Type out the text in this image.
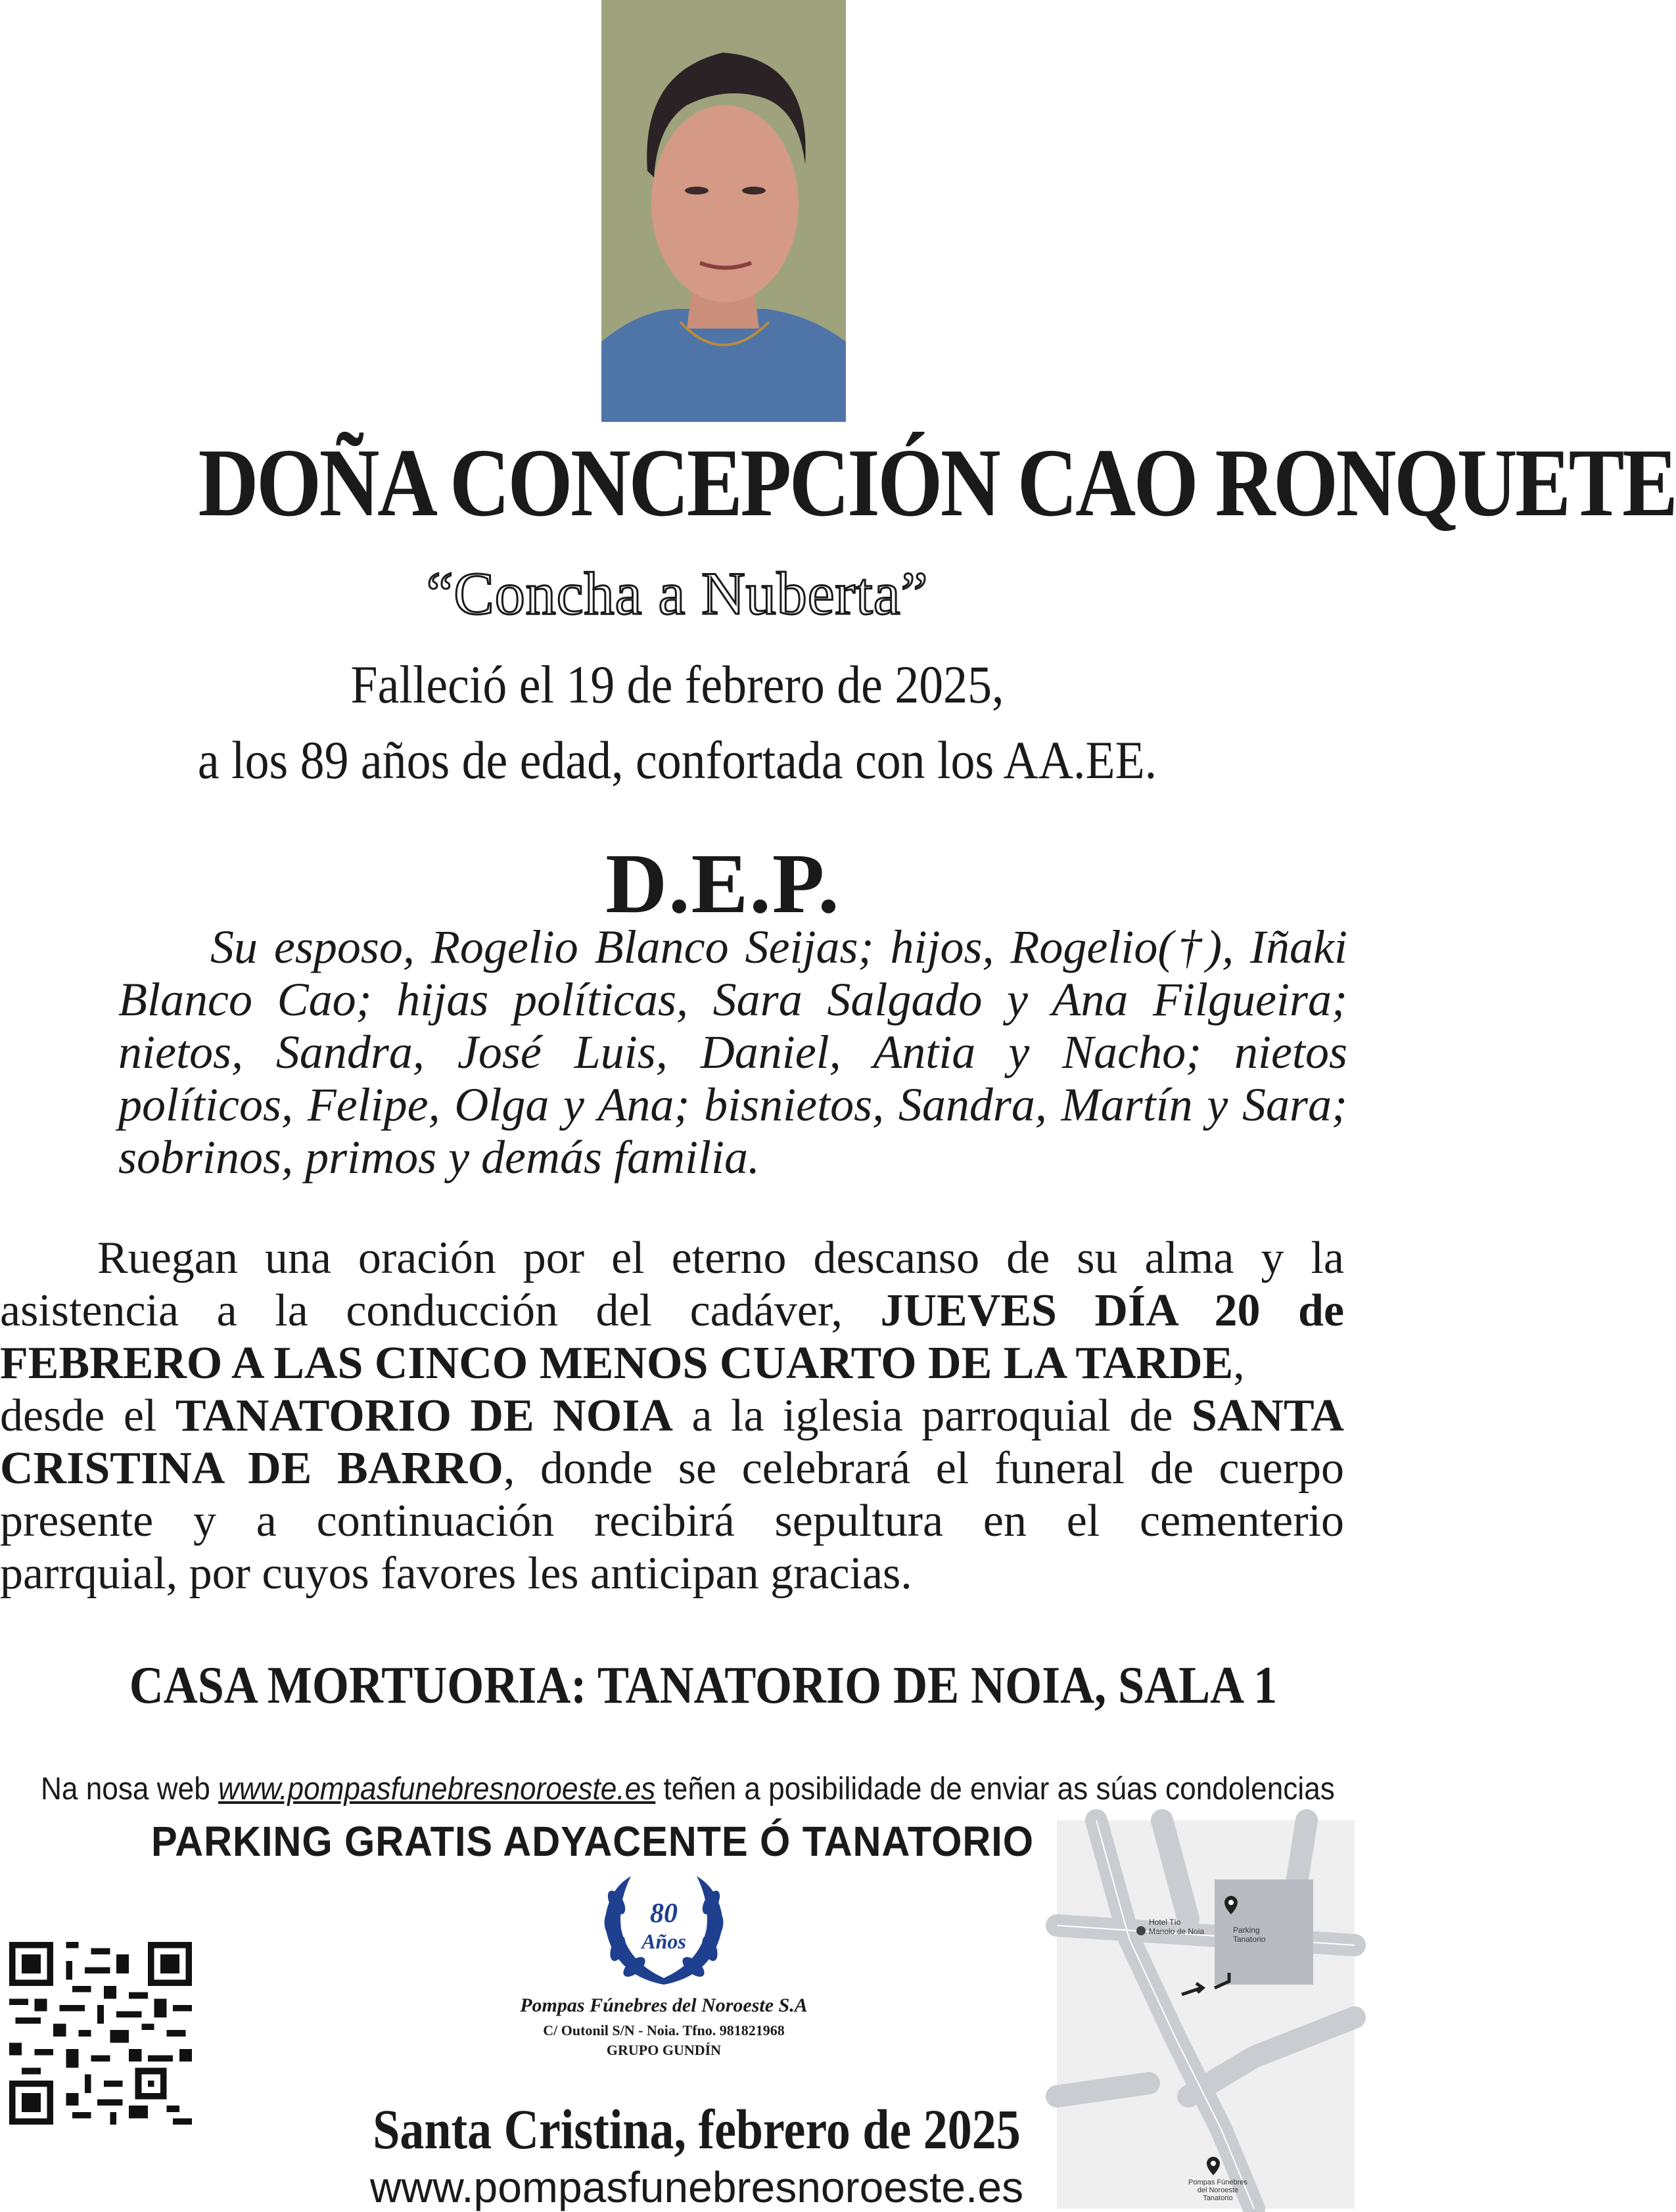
DOÑA CONCEPCIÓN CAO RONQUETE
“Concha a Nuberta”
Falleció el 19 de febrero de 2025,
a los 89 años de edad, confortada con los AA.EE.
D.E.P.
Su esposo, Rogelio Blanco Seijas; hijos, Rogelio(†), Iñaki
Blanco Cao; hijas políticas, Sara Salgado y Ana Filgueira;
nietos, Sandra, José Luis, Daniel, Antia y Nacho; nietos
políticos, Felipe, Olga y Ana; bisnietos, Sandra, Martín y Sara;
sobrinos, primos y demás familia.
Ruegan una oración por el eterno descanso de su alma y la
asistencia a la conducción del cadáver, JUEVES DÍA 20 de
FEBRERO A LAS CINCO MENOS CUARTO DE LA TARDE,
desde el TANATORIO DE NOIA a la iglesia parroquial de SANTA
CRISTINA DE BARRO, donde se celebrará el funeral de cuerpo
presente y a continuación recibirá sepultura en el cementerio
parrquial, por cuyos favores les anticipan gracias.
CASA MORTUORIA: TANATORIO DE NOIA, SALA 1
Na nosa web www.pompasfunebresnoroeste.es teñen a posibilidade de enviar as súas condolencias
PARKING GRATIS ADYACENTE Ó TANATORIO
80
Años
Pompas Fúnebres del Noroeste S.A
C/ Outonil S/N - Noia. Tfno. 981821968
GRUPO GUNDÍN
Hotel Tío
Manolo de Noia	Parking
Tanatorio
Pompas Fúnebres
del Noroeste
Tanatorio
Santa Cristina, febrero de 2025
www.pompasfunebresnoroeste.es
